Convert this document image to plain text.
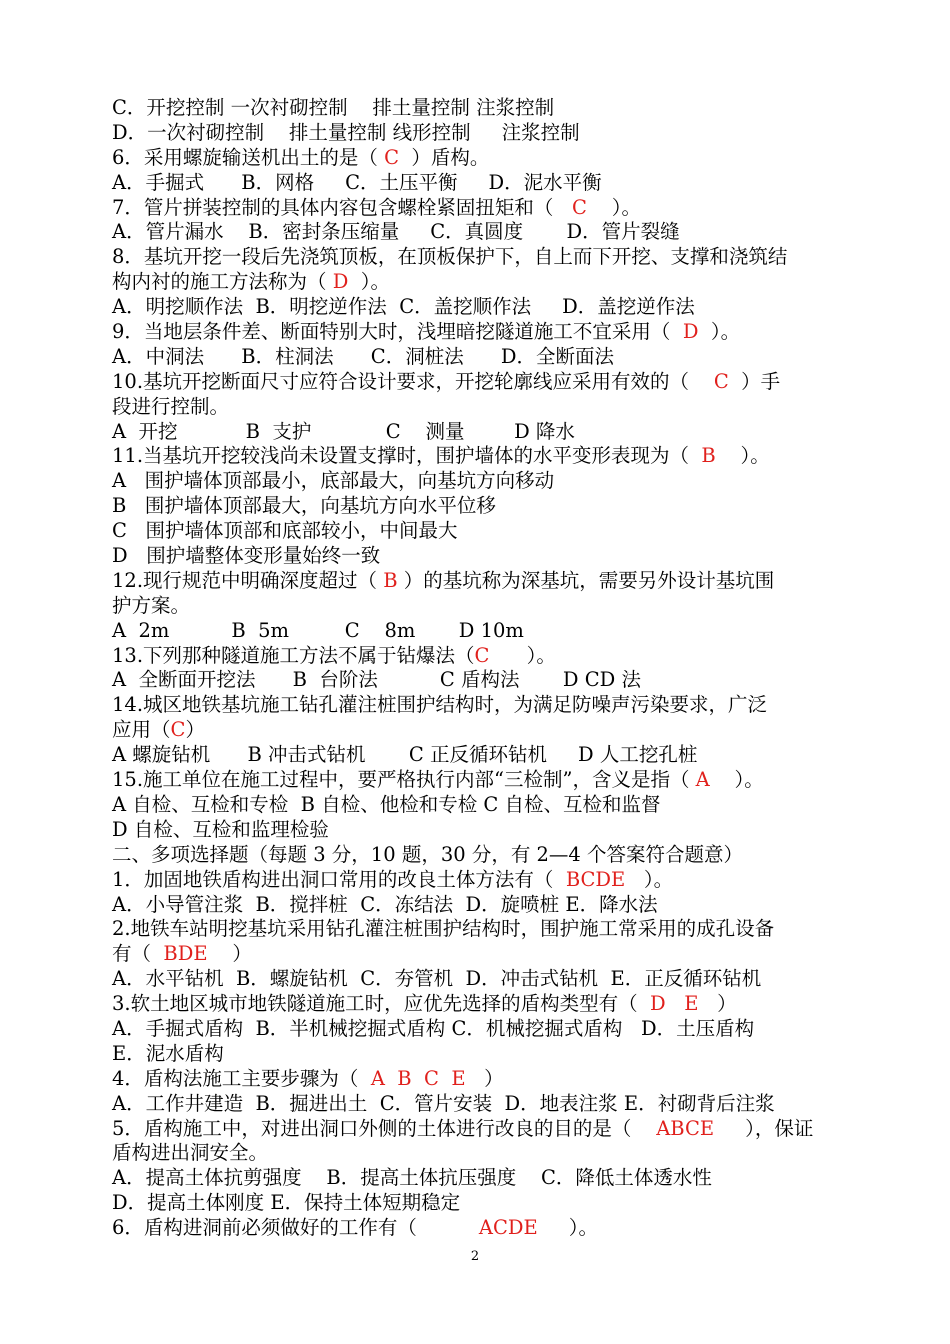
C．开挖控制 一次衬砌控制    排土量控制 注浆控制
D．一次衬砌控制    排土量控制 线形控制     注浆控制
6．采用螺旋输送机出土的是（ C  ）盾构。
A．手掘式      B．网格     C．土压平衡     D．泥水平衡
7．管片拼装控制的具体内容包含螺栓紧固扭矩和（   C    ）。
A．管片漏水    B．密封条压缩量     C．真圆度       D．管片裂缝
8．基坑开挖一段后先浇筑顶板，在顶板保护下，自上而下开挖、支撑和浇筑结
构内衬的施工方法称为（ D  ）。
A．明挖顺作法  B．明挖逆作法  C．盖挖顺作法     D．盖挖逆作法
9．当地层条件差、断面特别大时，浅埋暗挖隧道施工不宜采用（  D  ）。
A．中洞法      B．柱洞法      C．洞桩法      D．全断面法
10.基坑开挖断面尺寸应符合设计要求，开挖轮廓线应采用有效的（    C  ）手
段进行控制。
A  开挖           B  支护            C    测量        D 降水
11.当基坑开挖较浅尚未设置支撑时，围护墙体的水平变形表现为（  B    ）。
A   围护墙体顶部最小，底部最大，向基坑方向移动
B   围护墙体顶部最大，向基坑方向水平位移
C   围护墙体顶部和底部较小，中间最大
D   围护墙整体变形量始终一致
12.现行规范中明确深度超过（ B ）的基坑称为深基坑，需要另外设计基坑围
护方案。
A  2m          B  5m         C    8m       D 10m
13.下列那种隧道施工方法不属于钻爆法（C      ）。
A  全断面开挖法      B  台阶法          C 盾构法       D CD 法
14.城区地铁基坑施工钻孔灌注桩围护结构时，为满足防噪声污染要求，广泛
应用（C）
A 螺旋钻机      B 冲击式钻机       C 正反循环钻机     D 人工挖孔桩
15.施工单位在施工过程中，要严格执行内部“三检制”，含义是指（ A    ）。
A 自检、互检和专检  B 自检、他检和专检 C 自检、互检和监督
D 自检、互检和监理检验
二、多项选择题（每题 3 分，10 题，30 分，有 2—4 个答案符合题意）
1．加固地铁盾构进出洞口常用的改良土体方法有（  BCDE   ）。
A．小导管注浆  B．搅拌桩  C．冻结法  D．旋喷桩 E．降水法
2.地铁车站明挖基坑采用钻孔灌注桩围护结构时，围护施工常采用的成孔设备
有（  BDE    ）
A．水平钻机  B．螺旋钻机  C．夯管机  D．冲击式钻机  E．正反循环钻机
3.软土地区城市地铁隧道施工时，应优先选择的盾构类型有（  D   E   ）
A．手掘式盾构  B．半机械挖掘式盾构 C．机械挖掘式盾构   D．土压盾构
E．泥水盾构
4．盾构法施工主要步骤为（  A  B  C  E   ）
A．工作井建造  B．掘进出土  C．管片安装  D．地表注浆 E．衬砌背后注浆
5．盾构施工中，对进出洞口外侧的土体进行改良的目的是（    ABCE     ），保证
盾构进出洞安全。
A．提高土体抗剪强度    B．提高土体抗压强度    C．降低土体透水性
D．提高土体刚度 E．保持土体短期稳定
6．盾构进洞前必须做好的工作有（          ACDE     ）。
2
